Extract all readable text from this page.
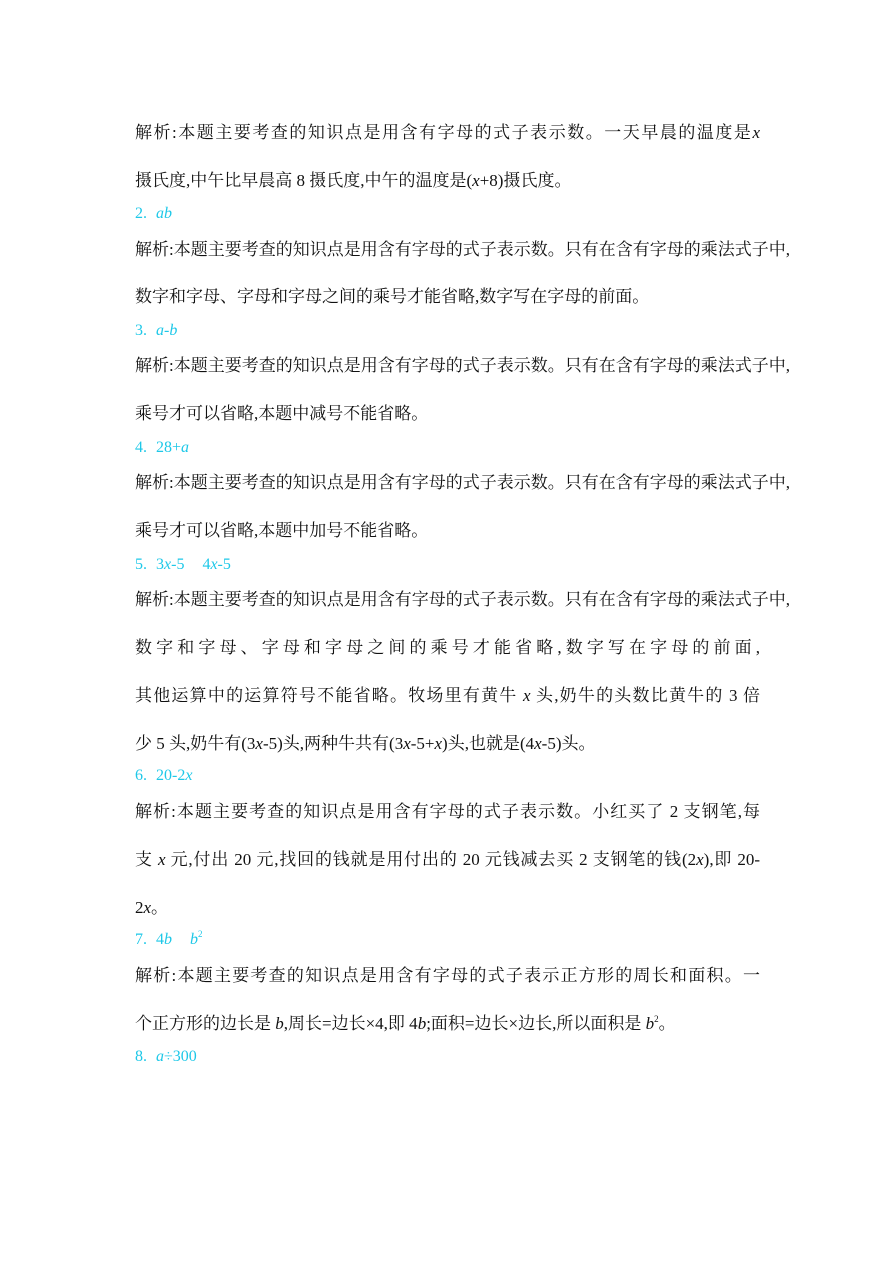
解析:本题主要考查的知识点是用含有字母的式子表示数。一天早晨的温度是x
摄氏度,中午比早晨高 8 摄氏度,中午的温度是(x+8)摄氏度。
2. ab
解析:本题主要考查的知识点是用含有字母的式子表示数。只有在含有字母的乘法式子中,
数字和字母、字母和字母之间的乘号才能省略,数字写在字母的前面。
3. a-b
解析:本题主要考查的知识点是用含有字母的式子表示数。只有在含有字母的乘法式子中,
乘号才可以省略,本题中减号不能省略。
4. 28+a
解析:本题主要考查的知识点是用含有字母的式子表示数。只有在含有字母的乘法式子中,
乘号才可以省略,本题中加号不能省略。
5. 3x-5 4x-5
解析:本题主要考查的知识点是用含有字母的式子表示数。只有在含有字母的乘法式子中,
数字和字母、字母和字母之间的乘号才能省略,数字写在字母的前面,
其他运算中的运算符号不能省略。牧场里有黄牛 x 头,奶牛的头数比黄牛的 3 倍
少 5 头,奶牛有(3x-5)头,两种牛共有(3x-5+x)头,也就是(4x-5)头。
6. 20-2x
解析:本题主要考查的知识点是用含有字母的式子表示数。小红买了 2 支钢笔,每
支 x 元,付出 20 元,找回的钱就是用付出的 20 元钱减去买 2 支钢笔的钱(2x),即 20-
2x。
7. 4b $b^2$
解析:本题主要考查的知识点是用含有字母的式子表示正方形的周长和面积。一
个正方形的边长是 b,周长=边长×4,即 4b;面积=边长×边长,所以面积是 $b^2$。
8. a÷300
